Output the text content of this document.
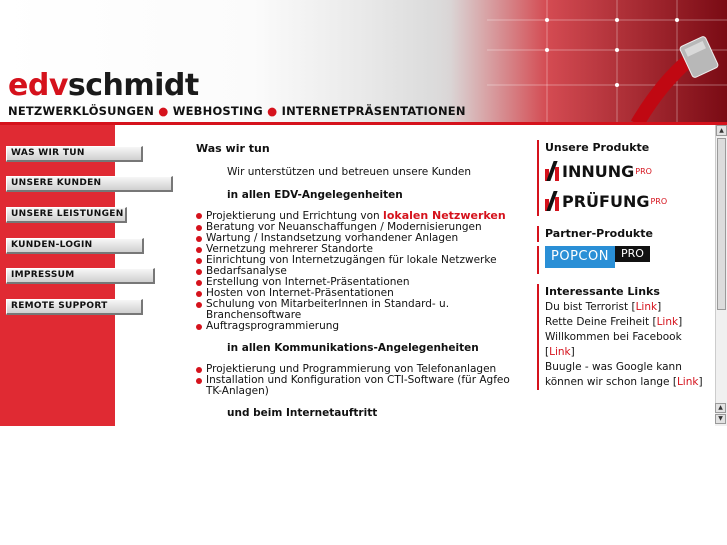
edvschmidt
NETZWERKLÖSUNGEN ● WEBHOSTING ● INTERNETPRÄSENTATIONEN
WAS WIR TUN
UNSERE KUNDEN
UNSERE LEISTUNGEN
KUNDEN-LOGIN
IMPRESSUM
REMOTE SUPPORT
Was wir tun
Wir unterstützen und betreuen unsere Kunden
in allen EDV-Angelegenheiten
Projektierung und Errichtung von lokalen Netzwerken
Beratung vor Neuanschaffungen / Modernisierungen
Wartung / Instandsetzung vorhandener Anlagen
Vernetzung mehrerer Standorte
Einrichtung von Internetzugängen für lokale Netzwerke
Bedarfsanalyse
Erstellung von Internet-Präsentationen
Hosten von Internet-Präsentationen
Schulung von MitarbeiterInnen in Standard- u. Branchensoftware
Auftragsprogrammierung
in allen Kommunikations-Angelegenheiten
Projektierung und Programmierung von Telefonanlagen
Installation und Konfiguration von CTI-Software (für Agfeo TK-Anlagen)
und beim Internetauftritt
Unsere Produkte
INNUNG PRO
PRÜFUNG PRO
Partner-Produkte
POPCON	PRO
Interessante Links
Du bist Terrorist [Link]
Rette Deine Freiheit [Link]
Willkommen bei Facebook [Link]
Buugle - was Google kann können wir schon lange [Link]
▲
▲
▼
